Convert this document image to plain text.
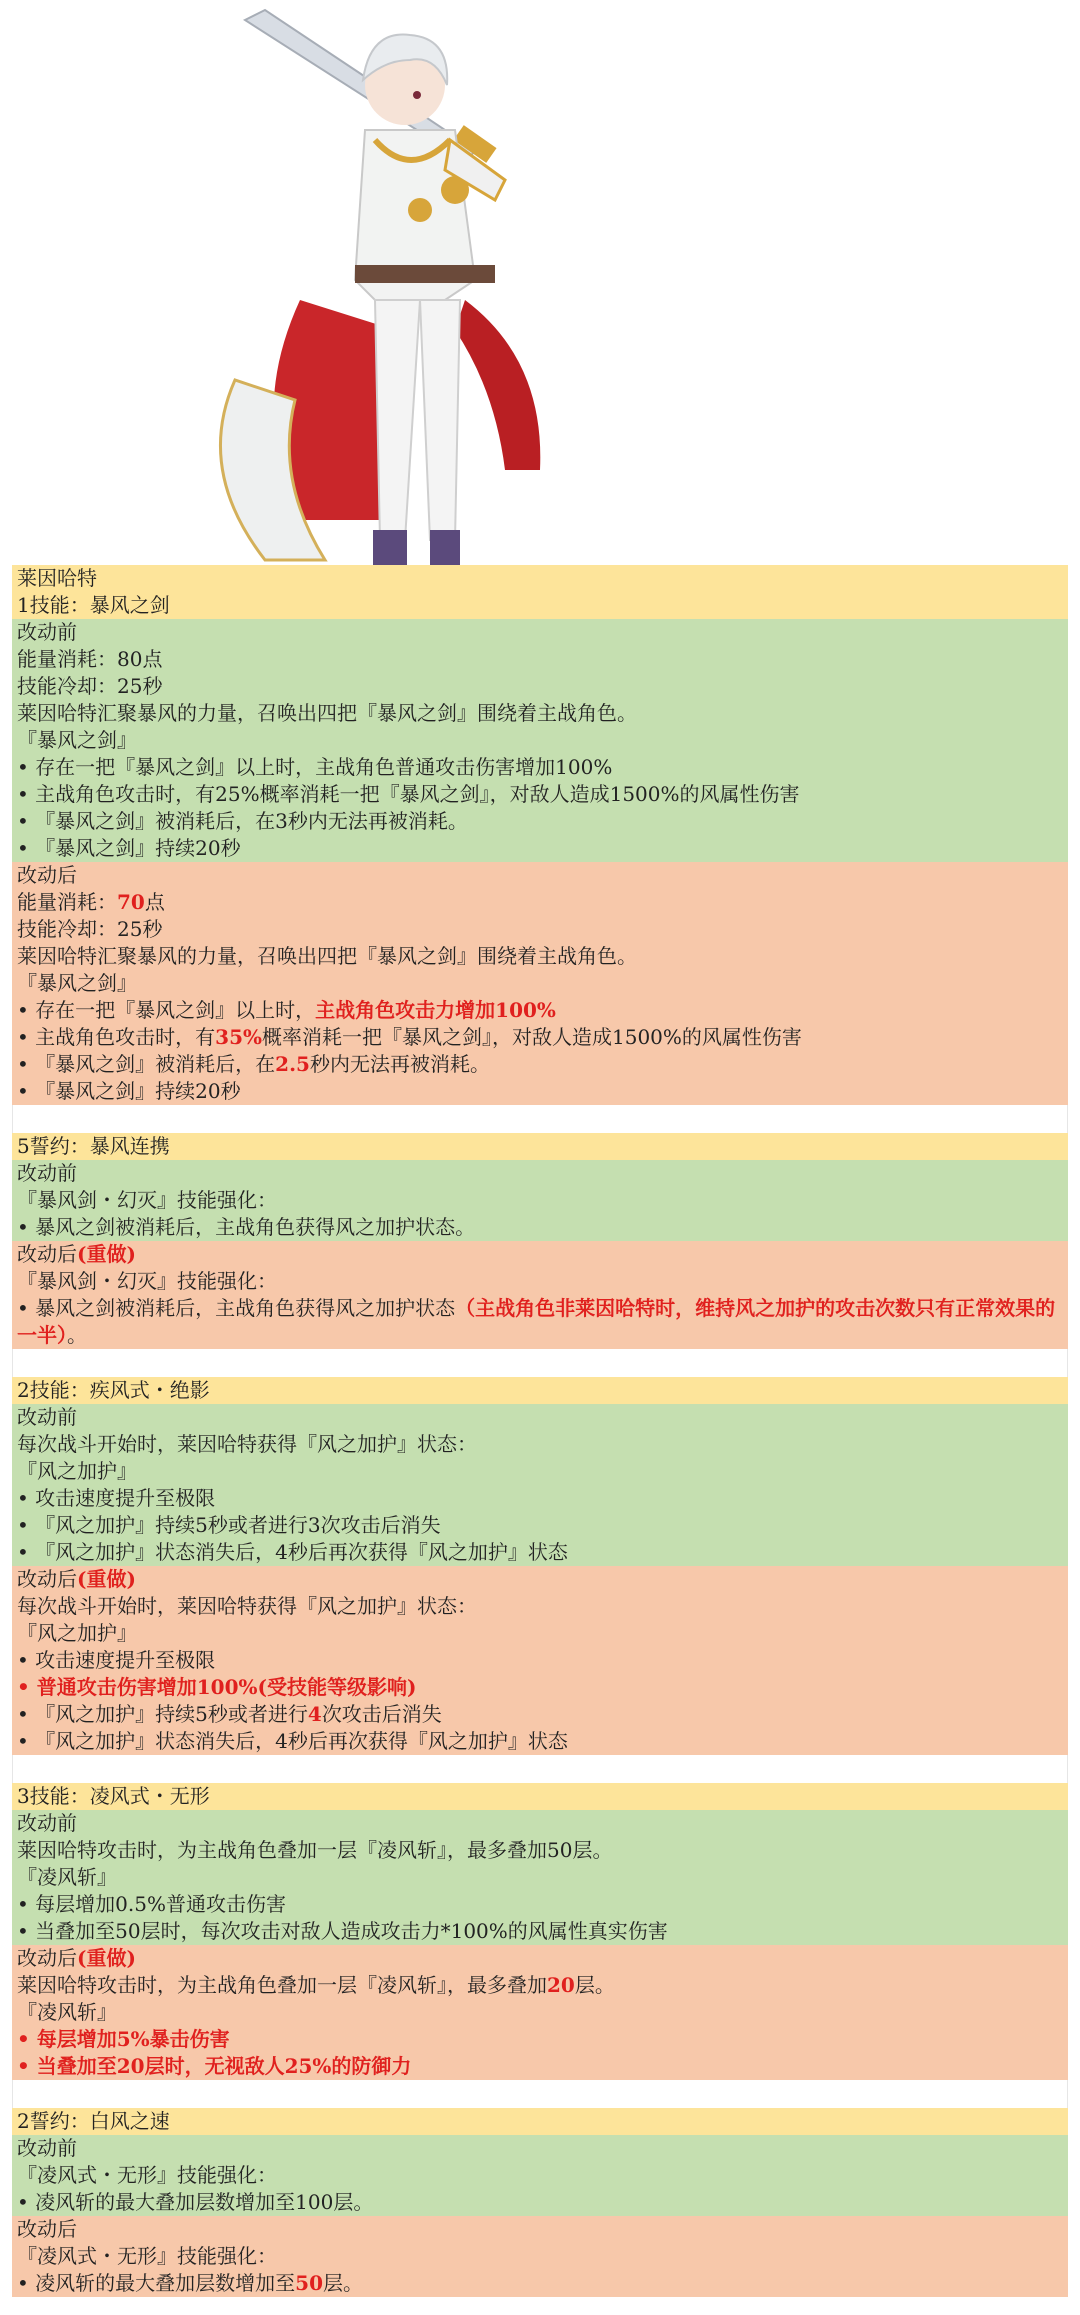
莱因哈特
1技能：暴风之剑
改动前
能量消耗：80点
技能冷却：25秒
莱因哈特汇聚暴风的力量，召唤出四把『暴风之剑』围绕着主战角色。
『暴风之剑』
• 存在一把『暴风之剑』以上时，主战角色普通攻击伤害增加100%
• 主战角色攻击时，有25%概率消耗一把『暴风之剑』，对敌人造成1500%的风属性伤害
• 『暴风之剑』被消耗后，在3秒内无法再被消耗。
• 『暴风之剑』持续20秒
改动后
能量消耗：70点
技能冷却：25秒
莱因哈特汇聚暴风的力量，召唤出四把『暴风之剑』围绕着主战角色。
『暴风之剑』
• 存在一把『暴风之剑』以上时，主战角色攻击力增加100%
• 主战角色攻击时，有35%概率消耗一把『暴风之剑』，对敌人造成1500%的风属性伤害
• 『暴风之剑』被消耗后，在2.5秒内无法再被消耗。
• 『暴风之剑』持续20秒
5誓约：暴风连携
改动前
『暴风剑・幻灭』技能强化：
• 暴风之剑被消耗后，主战角色获得风之加护状态。
改动后(重做)
『暴风剑・幻灭』技能强化：
• 暴风之剑被消耗后，主战角色获得风之加护状态（主战角色非莱因哈特时，维持风之加护的攻击次数只有正常效果的一半）。
2技能：疾风式・绝影
改动前
每次战斗开始时，莱因哈特获得『风之加护』状态：
『风之加护』
• 攻击速度提升至极限
• 『风之加护』持续5秒或者进行3次攻击后消失
• 『风之加护』状态消失后，4秒后再次获得『风之加护』状态
改动后(重做)
每次战斗开始时，莱因哈特获得『风之加护』状态：
『风之加护』
• 攻击速度提升至极限
• 普通攻击伤害增加100%(受技能等级影响)
• 『风之加护』持续5秒或者进行4次攻击后消失
• 『风之加护』状态消失后，4秒后再次获得『风之加护』状态
3技能：凌风式・无形
改动前
莱因哈特攻击时，为主战角色叠加一层『凌风斩』，最多叠加50层。
『凌风斩』
• 每层增加0.5%普通攻击伤害
• 当叠加至50层时，每次攻击对敌人造成攻击力*100%的风属性真实伤害
改动后(重做)
莱因哈特攻击时，为主战角色叠加一层『凌风斩』，最多叠加20层。
『凌风斩』
• 每层增加5%暴击伤害
• 当叠加至20层时，无视敌人25%的防御力
2誓约：白风之速
改动前
『凌风式・无形』技能强化：
• 凌风斩的最大叠加层数增加至100层。
改动后
『凌风式・无形』技能强化：
• 凌风斩的最大叠加层数增加至50层。
